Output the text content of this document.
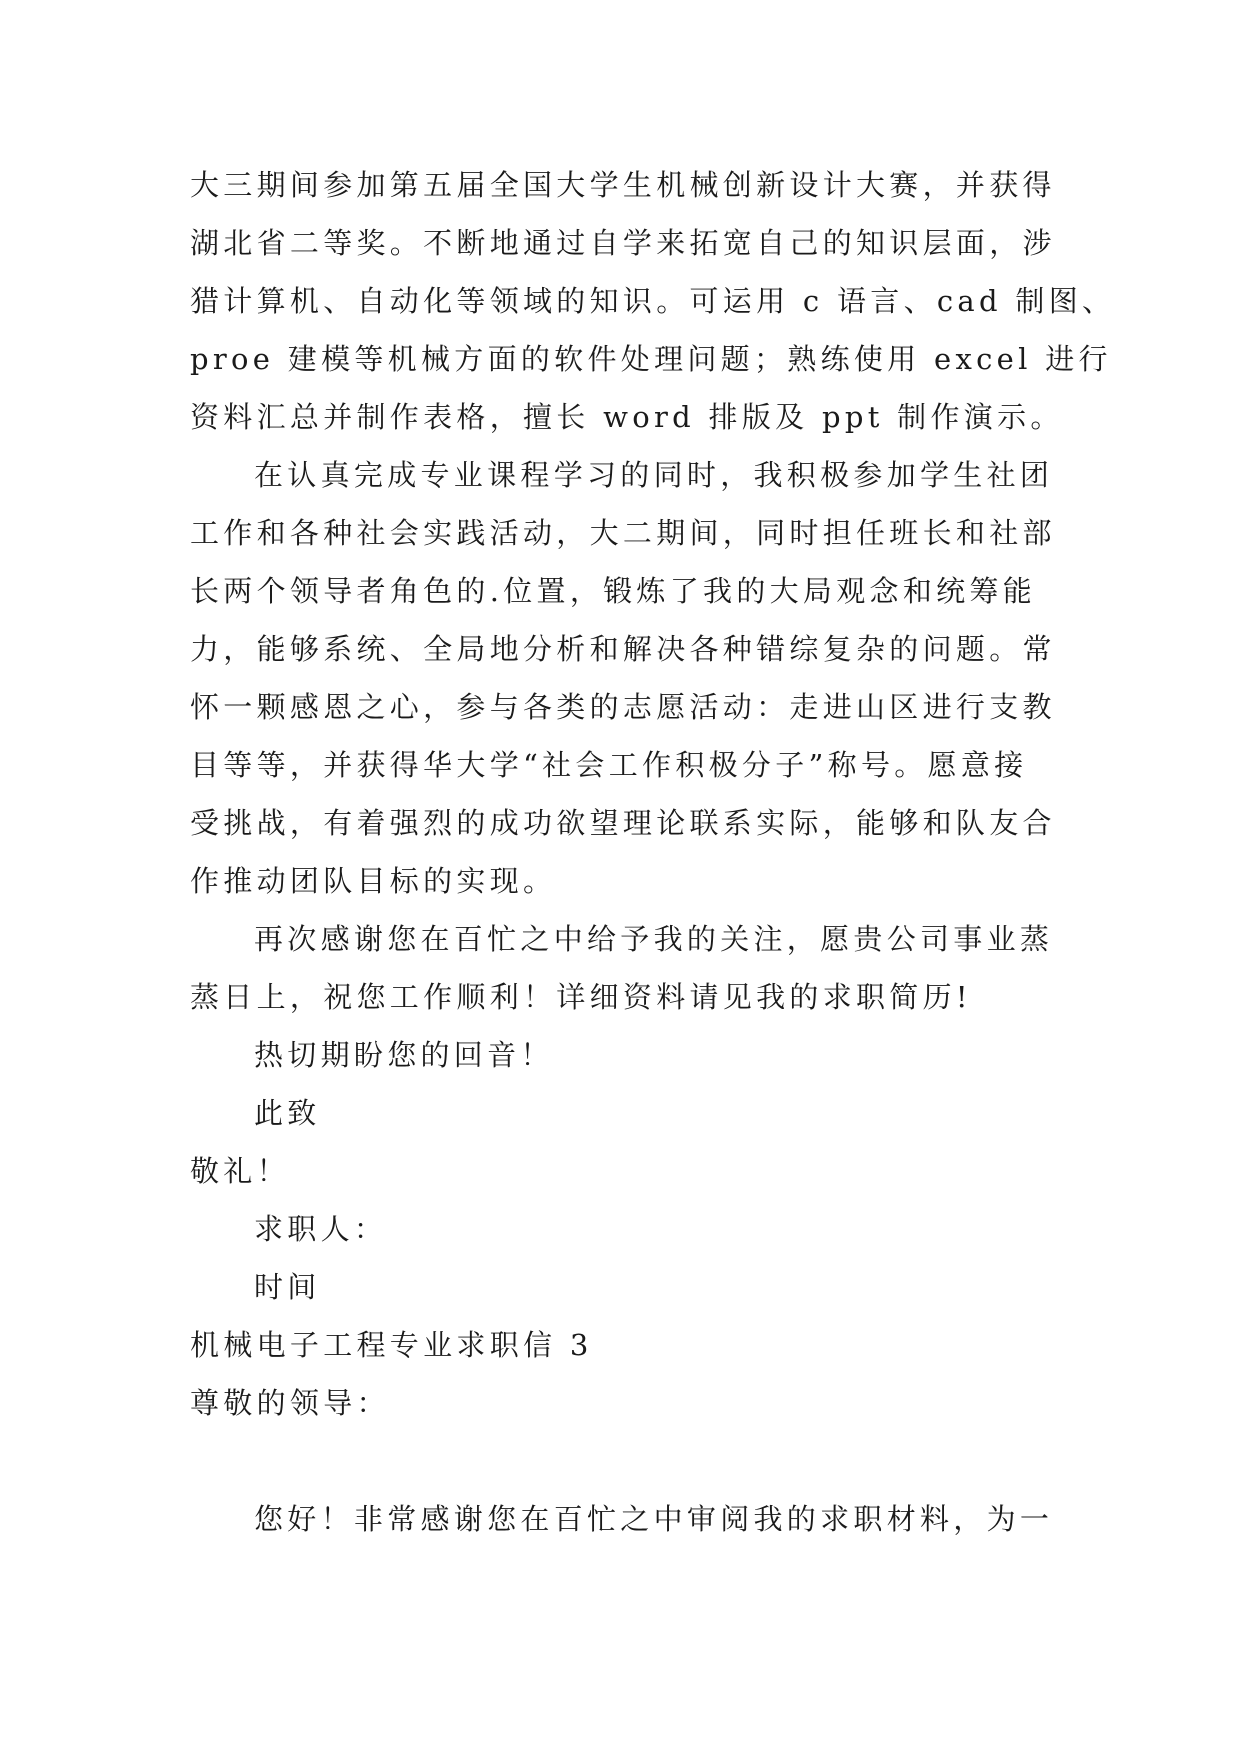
大三期间参加第五届全国大学生机械创新设计大赛，并获得
湖北省二等奖。不断地通过自学来拓宽自己的知识层面，涉
猎计算机、自动化等领域的知识。可运用 c 语言、cad 制图、
proe 建模等机械方面的软件处理问题；熟练使用 excel 进行
资料汇总并制作表格，擅长 word 排版及 ppt 制作演示。
在认真完成专业课程学习的同时，我积极参加学生社团
工作和各种社会实践活动，大二期间，同时担任班长和社部
长两个领导者角色的.位置，锻炼了我的大局观念和统筹能
力，能够系统、全局地分析和解决各种错综复杂的问题。常
怀一颗感恩之心，参与各类的志愿活动：走进山区进行支教
目等等，并获得华大学“社会工作积极分子”称号。愿意接
受挑战，有着强烈的成功欲望理论联系实际，能够和队友合
作推动团队目标的实现。
再次感谢您在百忙之中给予我的关注，愿贵公司事业蒸
蒸日上，祝您工作顺利！详细资料请见我的求职简历!
热切期盼您的回音！
此致
敬礼！
求职人：
时间
机械电子工程专业求职信 3
尊敬的领导：
您好！非常感谢您在百忙之中审阅我的求职材料，为一
